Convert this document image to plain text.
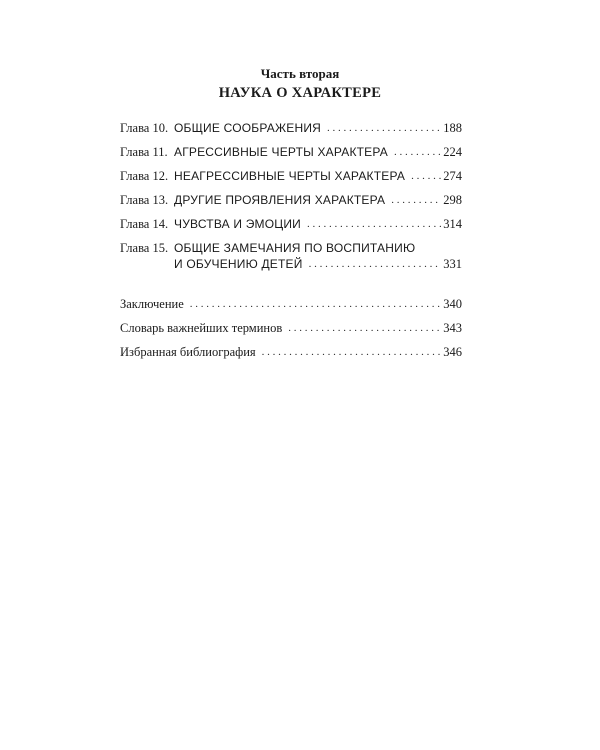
Часть вторая
НАУКА О ХАРАКТЕРЕ
Глава 10. ОБЩИЕ СООБРАЖЕНИЯ . . .	188
Глава 11. АГРЕССИВНЫЕ ЧЕРТЫ ХАРАКТЕРА . . .	224
Глава 12. НЕАГРЕССИВНЫЕ ЧЕРТЫ ХАРАКТЕРА . . .	274
Глава 13. ДРУГИЕ ПРОЯВЛЕНИЯ ХАРАКТЕРА . . .	298
Глава 14. ЧУВСТВА И ЭМОЦИИ . . .	314
Глава 15. ОБЩИЕ ЗАМЕЧАНИЯ ПО ВОСПИТАНИЮ
И ОБУЧЕНИЮ ДЕТЕЙ . . .	331
Заключение . . .	340
Словарь важнейших терминов . . .	343
Избранная библиография . . .	346
